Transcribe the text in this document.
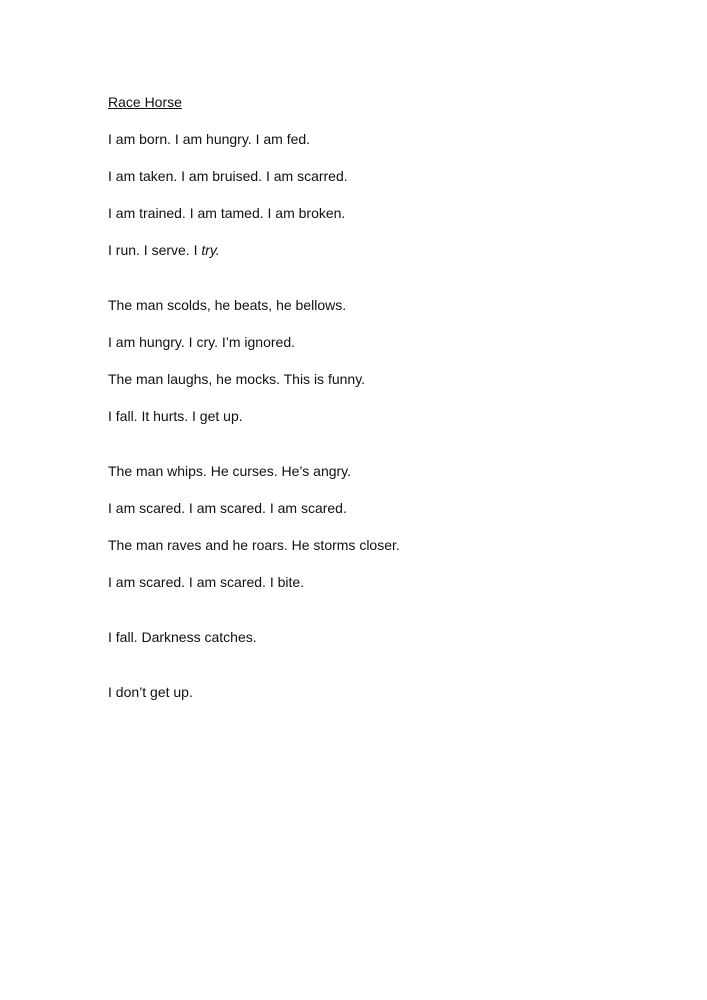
Race Horse

I am born. I am hungry. I am fed.

I am taken. I am bruised. I am scarred.

I am trained. I am tamed. I am broken.

I run. I serve. I try.

The man scolds, he beats, he bellows.

I am hungry. I cry. I’m ignored.

The man laughs, he mocks. This is funny.

I fall. It hurts. I get up.

The man whips. He curses. He’s angry.

I am scared. I am scared. I am scared.

The man raves and he roars. He storms closer.

I am scared. I am scared. I bite.

I fall. Darkness catches.

I don’t get up.
